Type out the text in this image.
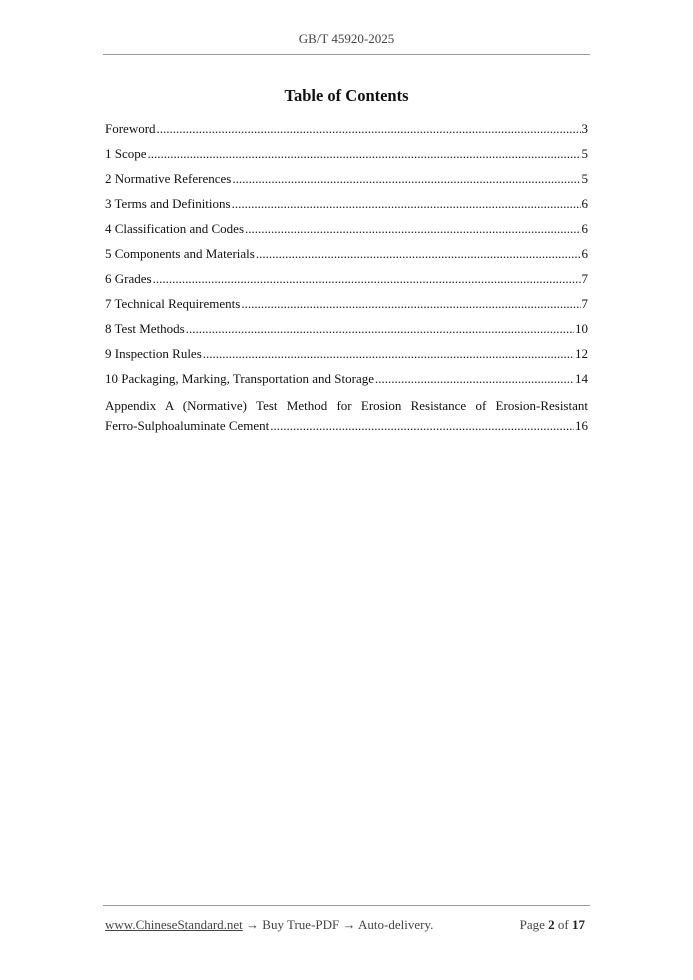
GB/T 45920-2025
Table of Contents
Foreword .....	3
1 Scope .....	5
2 Normative References .....	5
3 Terms and Definitions .....	6
4 Classification and Codes .....	6
5 Components and Materials .....	6
6 Grades .....	7
7 Technical Requirements .....	7
8 Test Methods .....	10
9 Inspection Rules .....	12
10 Packaging, Marking, Transportation and Storage .....	14
Appendix A (Normative) Test Method for Erosion Resistance of Erosion-Resistant
Ferro-Sulphoaluminate Cement .....	16
www.ChineseStandard.net → Buy True-PDF → Auto-delivery.	Page 2 of 17
